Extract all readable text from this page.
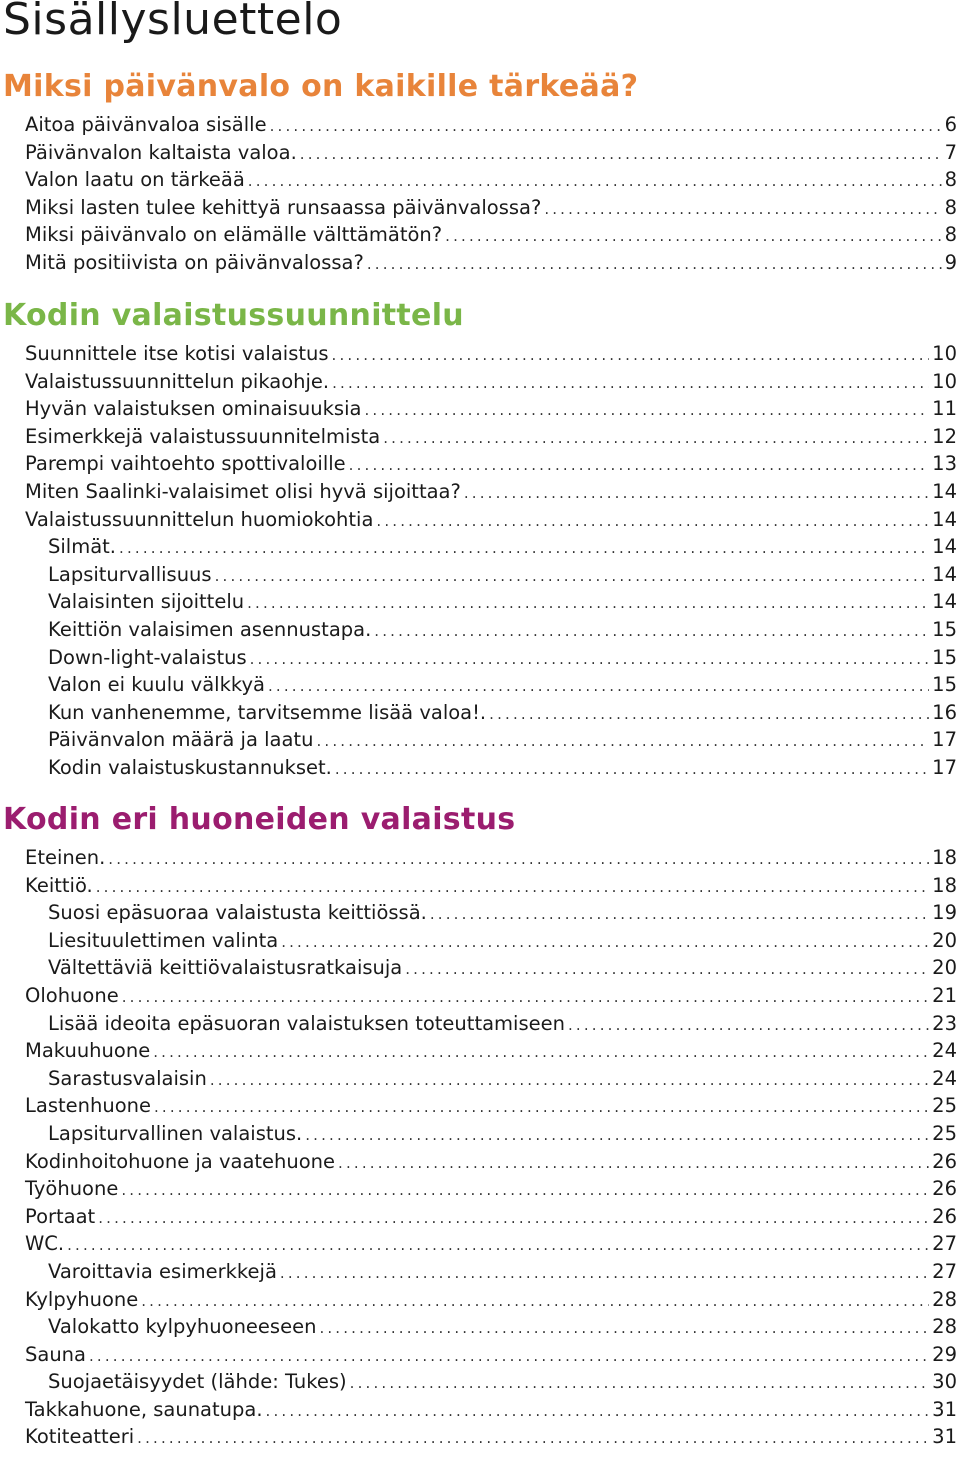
Sisällysluettelo
Miksi päivänvalo on kaikille tärkeää?
Aitoa päivänvaloa sisälle . . .	6
Päivänvalon kaltaista valoa. . . .	7
Valon laatu on tärkeää . . .	8
Miksi lasten tulee kehittyä runsaassa päivänvalossa? . . .	8
Miksi päivänvalo on elämälle välttämätön? . . .	8
Mitä positiivista on päivänvalossa? . . .	9
Kodin valaistussuunnittelu
Suunnittele itse kotisi valaistus . . .	10
Valaistussuunnittelun pikaohje. . . .	10
Hyvän valaistuksen ominaisuuksia . . .	11
Esimerkkejä valaistussuunnitelmista . . .	12
Parempi vaihtoehto spottivaloille . . .	13
Miten Saalinki-valaisimet olisi hyvä sijoittaa? . . .	14
Valaistussuunnittelun huomiokohtia . . .	14
Silmät. . . .	14
Lapsiturvallisuus . . .	14
Valaisinten sijoittelu . . .	14
Keittiön valaisimen asennustapa. . . .	15
Down-light-valaistus . . .	15
Valon ei kuulu välkkyä . . .	15
Kun vanhenemme, tarvitsemme lisää valoa!. . . .	16
Päivänvalon määrä ja laatu . . .	17
Kodin valaistuskustannukset. . . .	17
Kodin eri huoneiden valaistus
Eteinen. . . .	18
Keittiö. . . .	18
Suosi epäsuoraa valaistusta keittiössä. . . .	19
Liesituulettimen valinta . . .	20
Vältettäviä keittiövalaistusratkaisuja . . .	20
Olohuone . . .	21
Lisää ideoita epäsuoran valaistuksen toteuttamiseen . . .	23
Makuuhuone . . .	24
Sarastusvalaisin . . .	24
Lastenhuone . . .	25
Lapsiturvallinen valaistus. . . .	25
Kodinhoitohuone ja vaatehuone . . .	26
Työhuone . . .	26
Portaat . . .	26
WC. . . .	27
Varoittavia esimerkkejä . . .	27
Kylpyhuone . . .	28
Valokatto kylpyhuoneeseen . . .	28
Sauna . . .	29
Suojaetäisyydet (lähde: Tukes) . . .	30
Takkahuone, saunatupa. . . .	31
Kotiteatteri . . .	31
